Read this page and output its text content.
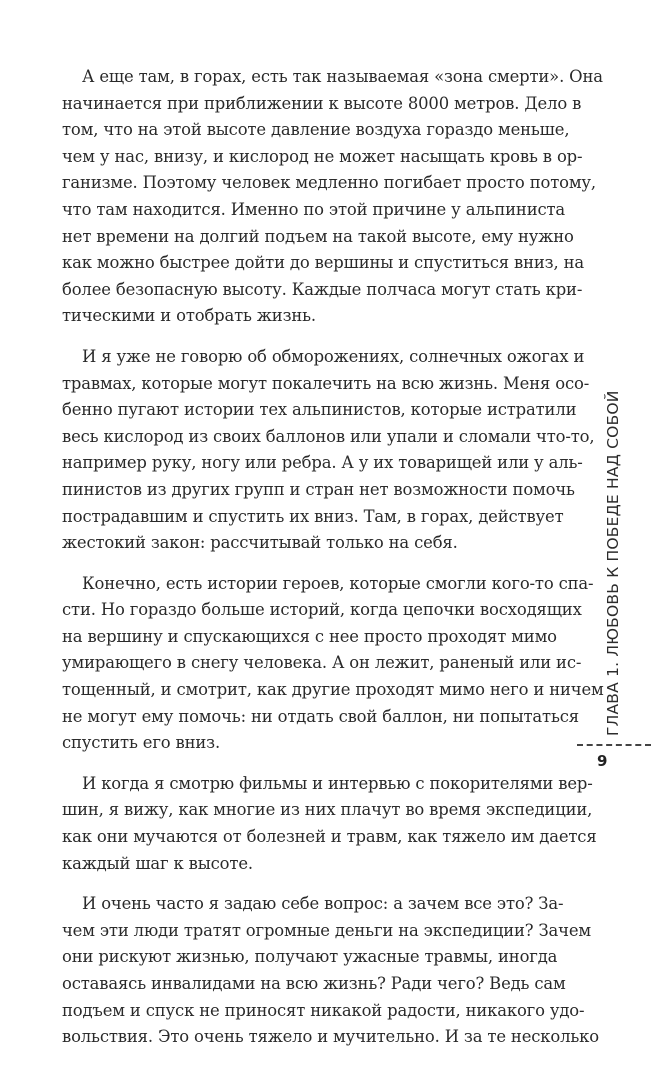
А еще там, в горах, есть так называемая «зона смерти». Она
начинается при приближении к высоте 8000 метров. Дело в
том, что на этой высоте давление воздуха гораздо меньше,
чем у нас, внизу, и кислород не может насыщать кровь в ор-
ганизме. Поэтому человек медленно погибает просто потому,
что там находится. Именно по этой причине у альпиниста
нет времени на долгий подъем на такой высоте, ему нужно
как можно быстрее дойти до вершины и спуститься вниз, на
более безопасную высоту. Каждые полчаса могут стать кри-
тическими и отобрать жизнь.

И я уже не говорю об обморожениях, солнечных ожогах и
травмах, которые могут покалечить на всю жизнь. Меня осо-
бенно пугают истории тех альпинистов, которые истратили
весь кислород из своих баллонов или упали и сломали что-то,
например руку, ногу или ребра. А у их товарищей или у аль-
пинистов из других групп и стран нет возможности помочь
пострадавшим и спустить их вниз. Там, в горах, действует
жестокий закон: рассчитывай только на себя.

Конечно, есть истории героев, которые смогли кого-то спа-
сти. Но гораздо больше историй, когда цепочки восходящих
на вершину и спускающихся с нее просто проходят мимо
умирающего в снегу человека. А он лежит, раненый или ис-
тощенный, и смотрит, как другие проходят мимо него и ничем
не могут ему помочь: ни отдать свой баллон, ни попытаться
спустить его вниз.

И когда я смотрю фильмы и интервью с покорителями вер-
шин, я вижу, как многие из них плачут во время экспедиции,
как они мучаются от болезней и травм, как тяжело им дается
каждый шаг к высоте.

И очень часто я задаю себе вопрос: а зачем все это? За-
чем эти люди тратят огромные деньги на экспедиции? Зачем
они рискуют жизнью, получают ужасные травмы, иногда
оставаясь инвалидами на всю жизнь? Ради чего? Ведь сам
подъем и спуск не приносят никакой радости, никакого удо-
вольствия. Это очень тяжело и мучительно. И за те несколько

ГЛАВА 1. ЛЮБОВЬ К ПОБЕДЕ НАД СОБОЙ
9
